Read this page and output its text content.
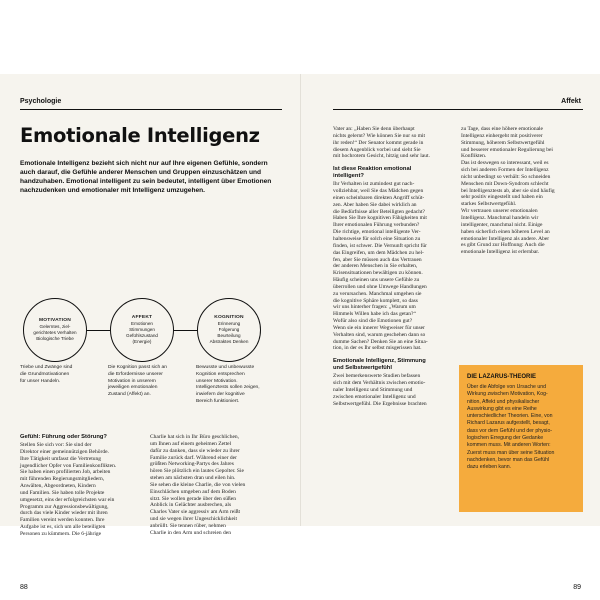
Psychologie
Emotionale Intelligenz

Emotionale Intelligenz bezieht sich nicht nur auf Ihre eigenen Gefühle, sondern auch darauf, die Gefühle anderer Menschen und Gruppen einzuschätzen und handzuhaben. Emotional intelligent zu sein bedeutet, intelligent über Emotionen nachzudenken und emotionaler mit Intelligenz umzugehen.

MOTIVATION
Gelerntes, ziel-
gerichtetes Verhalten
Biologische Triebe
AFFEKT
Emotionen
Stimmungen
Gefühlszustand
(Energie)
KOGNITION
Erinnerung
Folgerung
Beurteilung
Abstraktes Denken

Triebe und Zwänge sind
die Grundmotivationen
für unser Handeln.

Die Kognition passt sich an
die Erfordernisse unserer
Motivation in unserem
jeweiligen emotionalen
Zustand (Affekt) an.

Bewusste und unbewusste
Kognition entsprechen
unserer Motivation.
Intelligenztests sollen zeigen,
inwiefern der kognitive
Bereich funktioniert.

Gefühl: Führung oder Störung?

Stellen Sie sich vor: Sie sind der
Direktor einer gemeinnützigen Behörde.
Ihre Tätigkeit umfasst die Vertretung
jugendlicher Opfer von Familienkonflikten.
Sie haben einen profilierten Job, arbeiten
mit führenden Regierungsmitgliedern,
Anwälten, Abgeordneten, Kindern
und Familien. Sie haben tolle Projekte
umgesetzt, eins der erfolgreichsten war ein
Programm zur Aggressionsbewältigung,
durch das viele Kinder wieder mit ihren
Familien vereint werden konnten. Ihre
Aufgabe ist es, sich um alle beteiligten
Personen zu kümmern. Die 6-jährige

Charlie hat sich in Ihr Büro geschlichen,
um Ihnen auf einem geheimen Zettel
dafür zu danken, dass sie wieder zu ihrer
Familie zurück darf. Während einer der
größten Networking-Partys des Jahres
hören Sie plötzlich ein lautes Gepolter. Sie
stehen am nächsten dran und eilen hin.
Sie sehen die kleine Charlie, die von vielen
Einschlächen umgeben auf dem Boden
sitzt. Sie wollen gerade über den süßen
Anblick in Gelächter ausbrechen, als
Charles Vater sie aggressiv am Arm reißt
und sie wegen ihrer Ungeschicklichkeit
anbrüllt. Sie tennen rüber, nehmen
Charlie in den Arm und schreien den

88
Affekt

Vater an: „Haben Sie denn überhaupt
nichts gelernt? Wie können Sie nur so mit
ihr reden!“ Der Senator kommt gerade in
diesem Augenblick vorbei und sieht Sie
mit hochrotem Gesicht, hitzig und sehr laut.

Ist diese Reaktion emotional
intelligent?

Ihr Verhalten ist zumindest gut nach-
vollziehbar, weil Sie das Mädchen gegen
einen scheinbaren direkten Angriff schüt-
zen. Aber haben Sie dabei wirklich an
die Bedürfnisse aller Beteiligten gedacht?
Haben Sie Ihre kognitiven Fähigkeiten mit
Ihrer emotionalen Führung verbunden?
Die richtige, emotional intelligente Ver-
haltensweise für solch eine Situation zu
finden, ist schwer. Die Vernunft spricht für
das Eingreifen, um dem Mädchen zu hel-
fen, aber Sie müssen auch das Vertrauen
der anderen Menschen in Sie erhalten,
Krisensituationen bewältigen zu können.
Häufig scheinen uns unsere Gefühle zu
überrollen und ohne Umwege Handlungen
zu verursachen. Manchmal umgehen sie
die kognitive Sphäre komplett, so dass
wir uns hinterher fragen: „Warum um
Himmels Willen habe ich das getan?“
Wofür also sind die Emotionen gut?
Wenn sie ein innerer Wegweiser für unser
Verhalten sind, warum geschehen dann so
dumme Sachen? Denken Sie an eine Situa-
tion, in der es Ihr selbst misgerissen hat.

Emotionale Intelligenz, Stimmung
und Selbstwertgefühl

Zwei bemerkenswerte Studien befassen
sich mit dem Verhältnis zwischen emotio-
naler Intelligenz und Stimmung und
zwischen emotionaler Intelligenz und
Selbstwertgefühl. Die Ergebnisse brachten

zu Tage, dass eine höhere emotionale
Intelligenz einhergeht mit positiverer
Stimmung, höherem Selbstwertgefühl
und besserer emotionaler Regulierung bei
Konflikten.
Das ist deswegen so interessant, weil es
sich bei anderen Formen der Intelligenz
nicht unbedingt so verhält: So schneiden
Menschen mit Down-Syndrom schlecht
bei Intelligenztests ab, aber sie sind häufig
sehr positiv eingestellt und haben ein
starkes Selbstwertgefühl.
Wir vertrauen unserer emotionalen
Intelligenz. Manchmal handeln wir
intelligenter, manchmal nicht. Einige
haben sicherlich einen höheren Level an
emotionaler Intelligenz als andere. Aber
es gibt Grund zur Hoffnung: Auch die
emotionale Intelligenz ist erlernbar.

89
DIE LAZARUS-THEORIE

Über die Abfolge von Ursache und
Wirkung zwischen Motivation, Kog-
nition, Affekt und physikalischer
Auswirkung gibt es eine Reihe
unterschiedlicher Theorien. Eine, von
Richard Lazarus aufgestellt, besagt,
dass vor dem Gefühl und der physio-
logischen Erregung der Gedanke
kommen muss. Mit anderen Worten:
Zuerst muss man über seine Situation
nachdenken, bevor man das Gefühl
dazu erleben kann.
